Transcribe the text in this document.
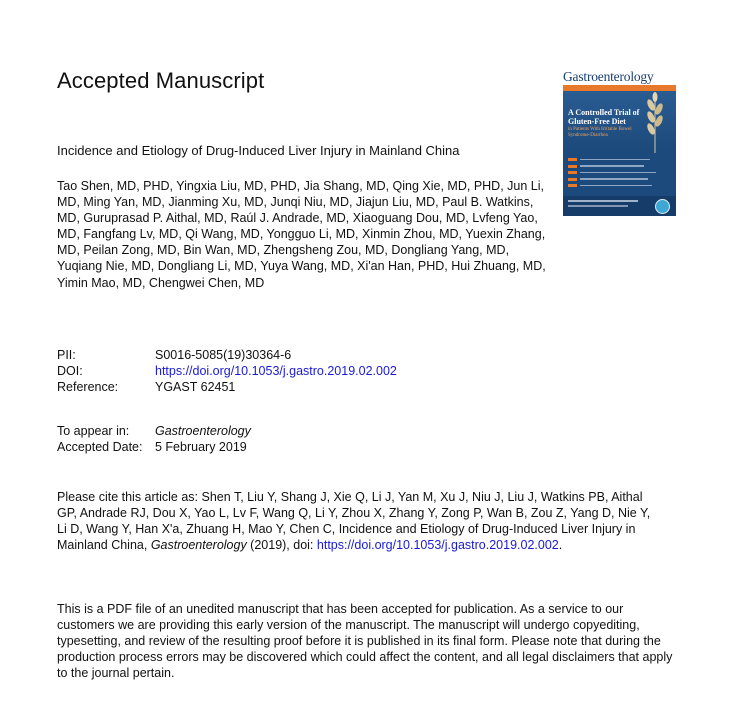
Accepted Manuscript	Gastroenterology
A Controlled Trial of Gluten-Free Diet
in Patients With Irritable Bowel Syndrome-Diarrhea
Incidence and Etiology of Drug-Induced Liver Injury in Mainland China
Tao Shen, MD, PHD, Yingxia Liu, MD, PHD, Jia Shang, MD, Qing Xie, MD, PHD, Jun Li, MD, Ming Yan, MD, Jianming Xu, MD, Junqi Niu, MD, Jiajun Liu, MD, Paul B. Watkins, MD, Guruprasad P. Aithal, MD, Raúl J. Andrade, MD, Xiaoguang Dou, MD, Lvfeng Yao, MD, Fangfang Lv, MD, Qi Wang, MD, Yongguo Li, MD, Xinmin Zhou, MD, Yuexin Zhang, MD, Peilan Zong, MD, Bin Wan, MD, Zhengsheng Zou, MD, Dongliang Yang, MD, Yuqiang Nie, MD, Dongliang Li, MD, Yuya Wang, MD, Xi'an Han, PHD, Hui Zhuang, MD, Yimin Mao, MD, Chengwei Chen, MD
PII:	S0016-5085(19)30364-6
DOI:	https://doi.org/10.1053/j.gastro.2019.02.002
Reference:	YGAST 62451
To appear in:	Gastroenterology
Accepted Date:	5 February 2019
Please cite this article as: Shen T, Liu Y, Shang J, Xie Q, Li J, Yan M, Xu J, Niu J, Liu J, Watkins PB, Aithal GP, Andrade RJ, Dou X, Yao L, Lv F, Wang Q, Li Y, Zhou X, Zhang Y, Zong P, Wan B, Zou Z, Yang D, Nie Y, Li D, Wang Y, Han X'a, Zhuang H, Mao Y, Chen C, Incidence and Etiology of Drug-Induced Liver Injury in Mainland China, Gastroenterology (2019), doi: https://doi.org/10.1053/j.gastro.2019.02.002.
This is a PDF file of an unedited manuscript that has been accepted for publication. As a service to our customers we are providing this early version of the manuscript. The manuscript will undergo copyediting, typesetting, and review of the resulting proof before it is published in its final form. Please note that during the production process errors may be discovered which could affect the content, and all legal disclaimers that apply to the journal pertain.
